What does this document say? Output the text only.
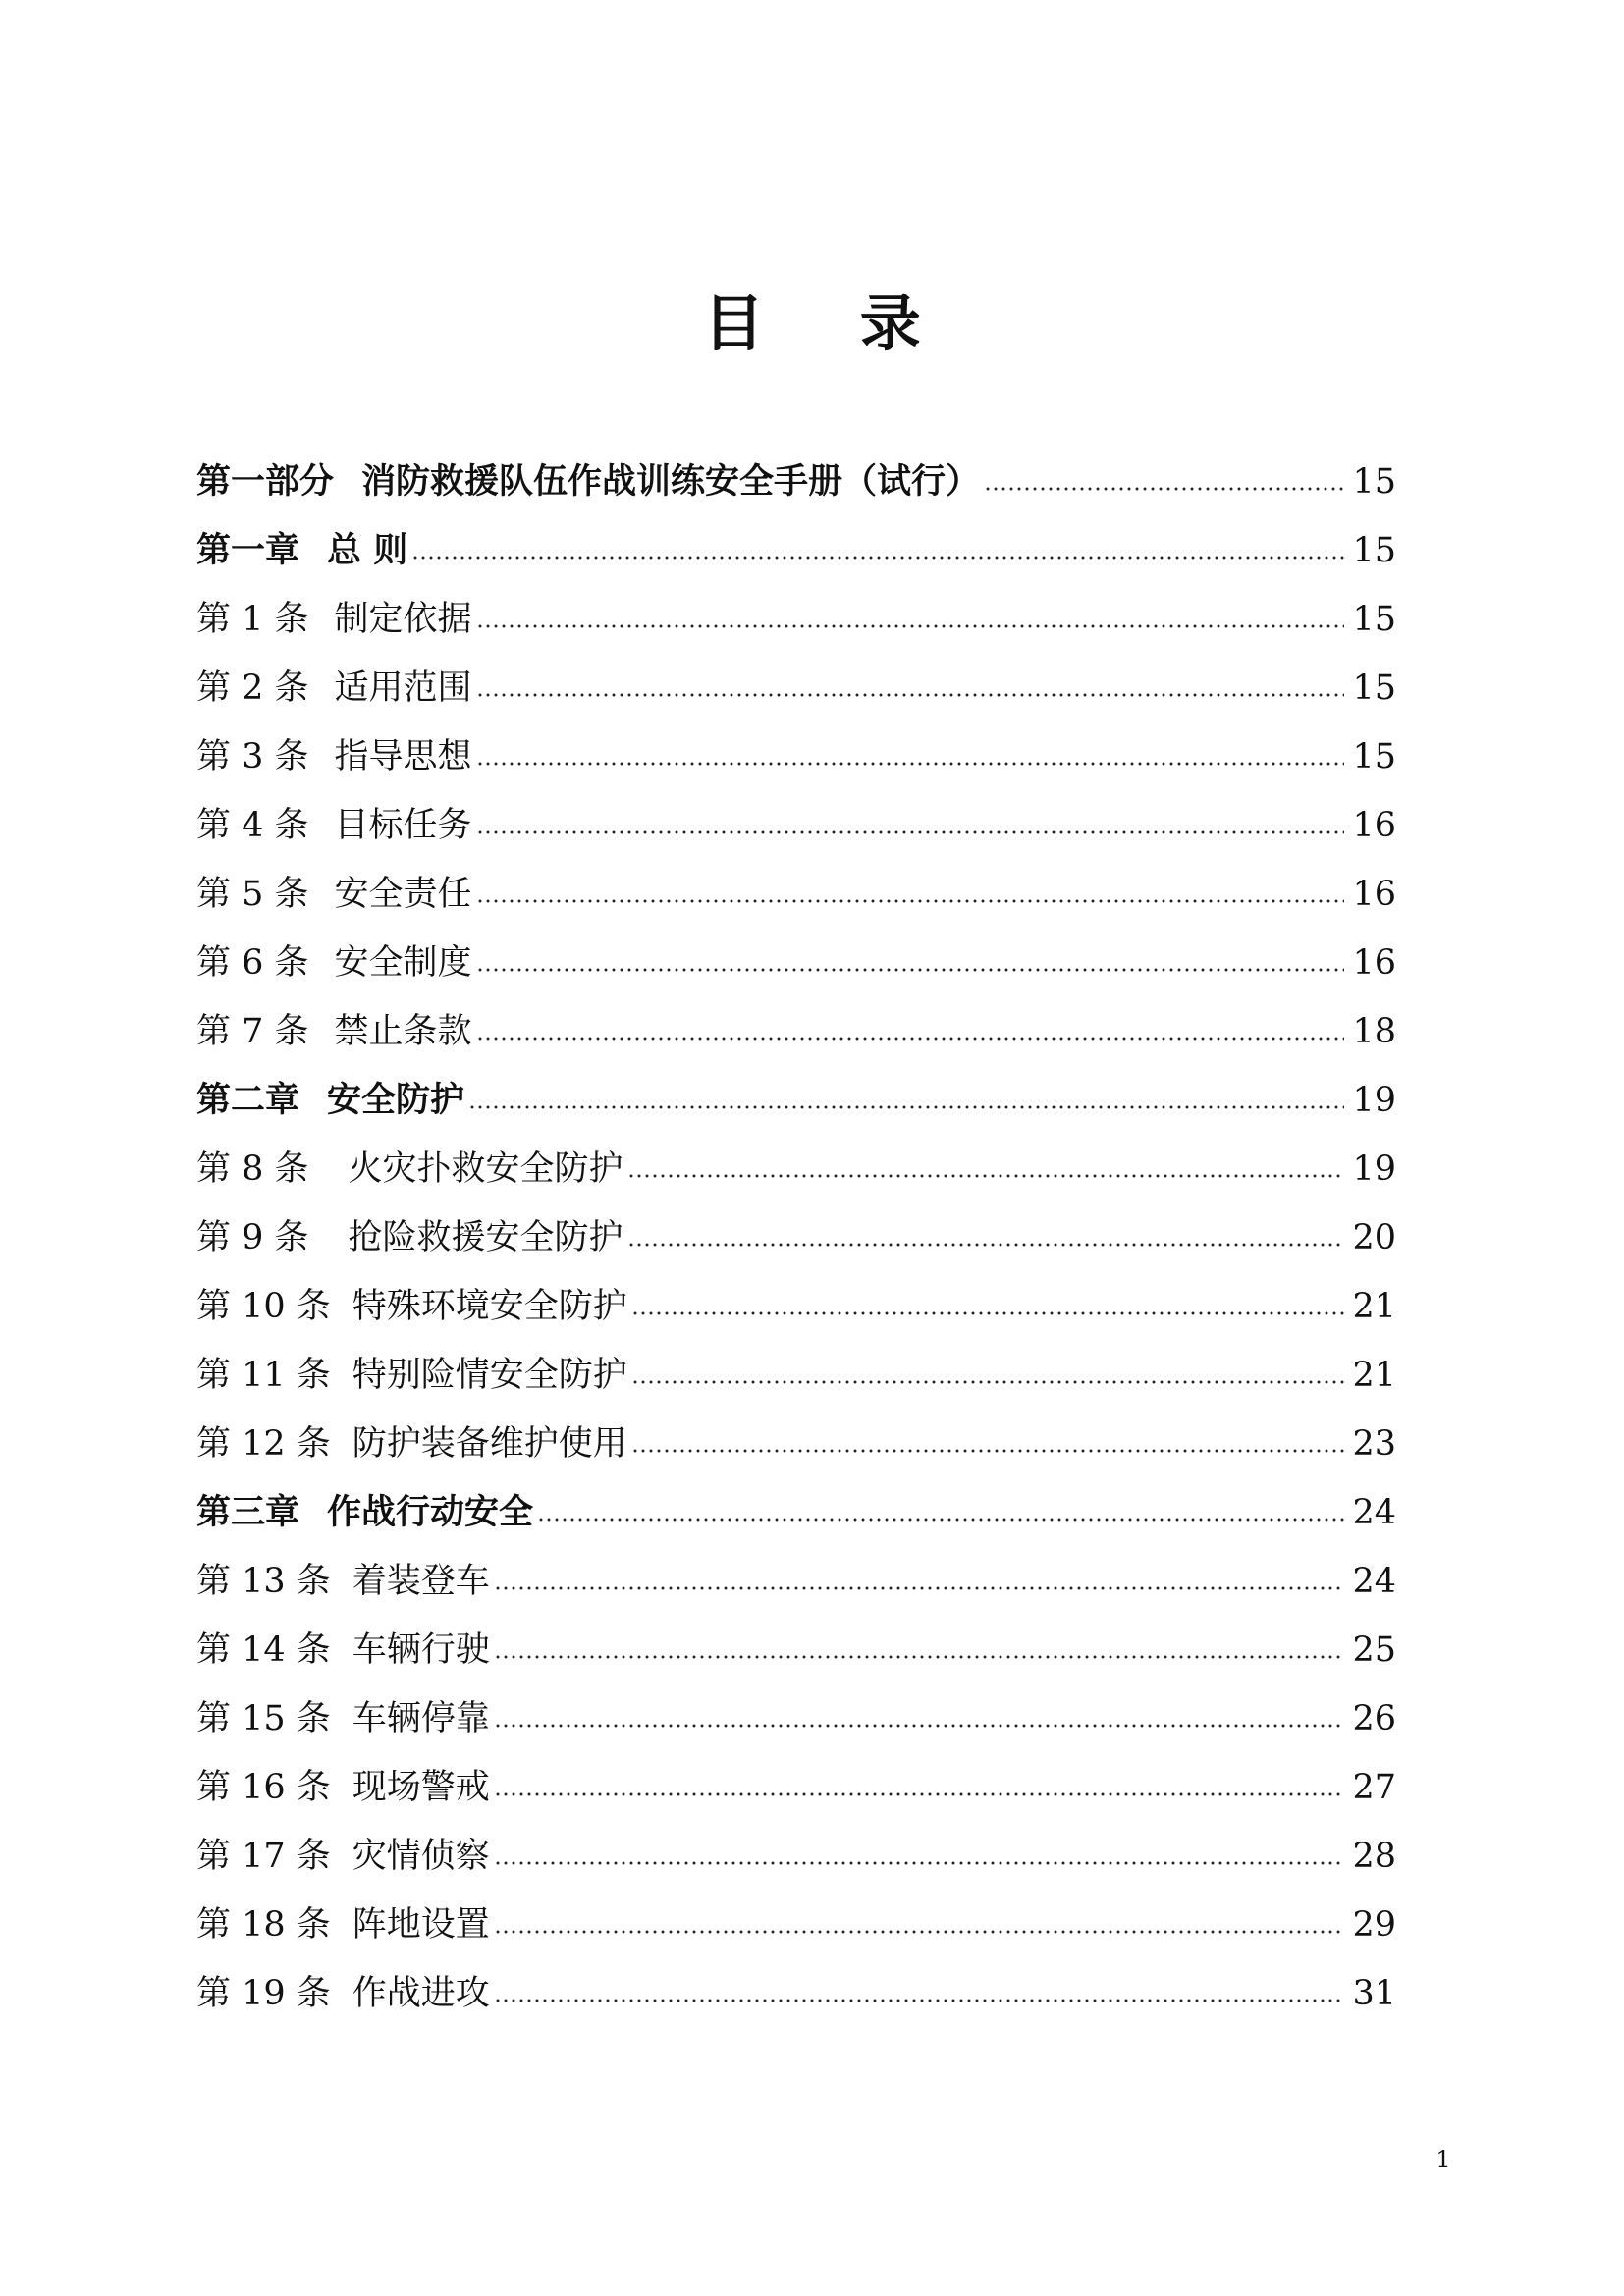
目 录
第一部分 消防救援队伍作战训练安全手册（试行）	15
第一章 总 则	15
第 1 条 制定依据	15
第 2 条 适用范围	15
第 3 条 指导思想	15
第 4 条 目标任务	16
第 5 条 安全责任	16
第 6 条 安全制度	16
第 7 条 禁止条款	18
第二章 安全防护	19
第 8 条 火灾扑救安全防护	19
第 9 条 抢险救援安全防护	20
第 10 条 特殊环境安全防护	21
第 11 条 特别险情安全防护	21
第 12 条 防护装备维护使用	23
第三章 作战行动安全	24
第 13 条 着装登车	24
第 14 条 车辆行驶	25
第 15 条 车辆停靠	26
第 16 条 现场警戒	27
第 17 条 灾情侦察	28
第 18 条 阵地设置	29
第 19 条 作战进攻	31
1
